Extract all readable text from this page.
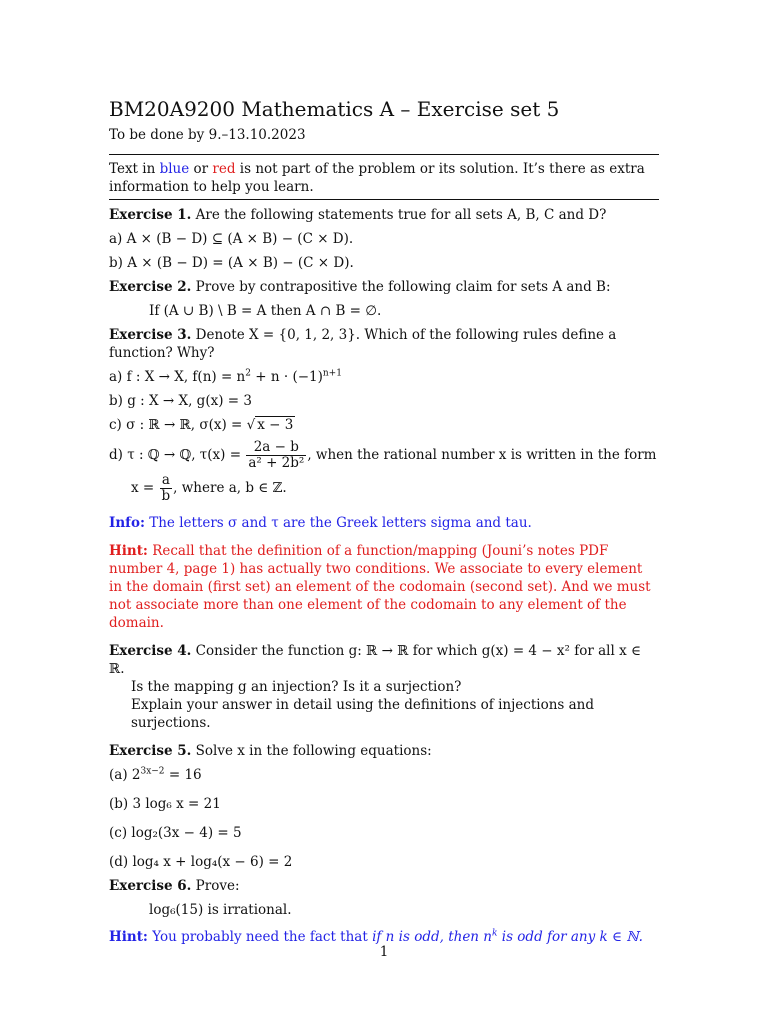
BM20A9200 Mathematics A – Exercise set 5
To be done by 9.–13.10.2023
Text in blue or red is not part of the problem or its solution. It’s there as extra information to help you learn.
Exercise 1. Are the following statements true for all sets A, B, C and D?
a) A × (B − D) ⊆ (A × B) − (C × D).
b) A × (B − D) = (A × B) − (C × D).
Exercise 2. Prove by contrapositive the following claim for sets A and B:
If (A ∪ B) \ B = A then A ∩ B = ∅.
Exercise 3. Denote X = {0, 1, 2, 3}. Which of the following rules define a function? Why?
a) f : X → X, $f(n) = n^2 + n \cdot (-1)^{n+1}$
b) g : X → X, g(x) = 3
c) σ : ℝ → ℝ, σ(x) = √ x − 3
d) τ : ℚ → ℚ, $\tau(x) = \frac{2a - b}{\text{a² + 2b²}}$ , when the rational number x is written in the form
$x = \frac{a}{b}$ , where a, b ∈ ℤ.
Info: The letters σ and τ are the Greek letters sigma and tau.
Hint: Recall that the definition of a function/mapping (Jouni’s notes PDF number 4, page 1) has actually two conditions. We associate to every element in the domain (first set) an element of the codomain (second set). And we must not associate more than one element of the codomain to any element of the domain.
Exercise 4. Consider the function g: ℝ → ℝ for which g(x) = 4 − x² for all x ∈ ℝ.
Is the mapping g an injection? Is it a surjection?
Explain your answer in detail using the definitions of injections and surjections.
Exercise 5. Solve x in the following equations:
(a) $2^{3x-2} = 16$
(b) 3 log₆ x = 21
(c) log₂(3x − 4) = 5
(d) log₄ x + log₄(x − 6) = 2
Exercise 6. Prove:
log₆(15) is irrational.
Hint: You probably need the fact that if n is odd, then $n^k$ is odd for any k ∈ ℕ.
1
